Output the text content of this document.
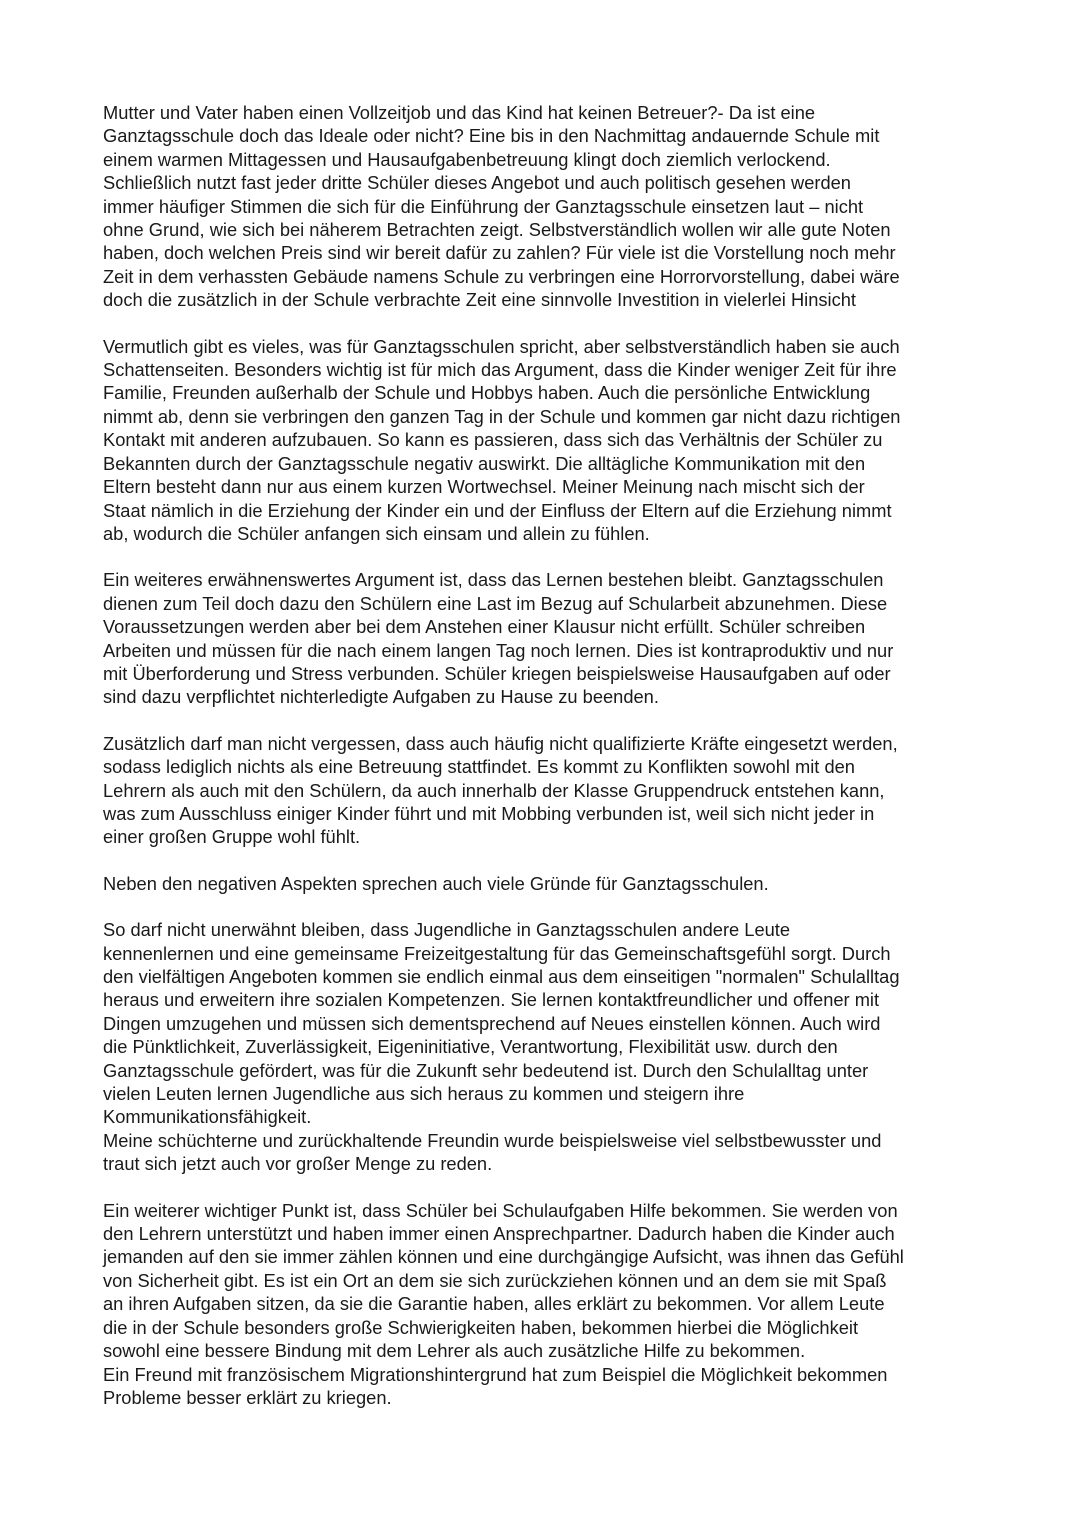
Mutter und Vater haben einen Vollzeitjob und das Kind hat keinen Betreuer?- Da ist eine
Ganztagsschule doch das Ideale oder nicht? Eine bis in den Nachmittag andauernde Schule mit
einem warmen Mittagessen und Hausaufgabenbetreuung klingt doch ziemlich verlockend.
Schließlich nutzt fast jeder dritte Schüler dieses Angebot und auch politisch gesehen werden
immer häufiger Stimmen die sich für die Einführung der Ganztagsschule einsetzen laut – nicht
ohne Grund, wie sich bei näherem Betrachten zeigt. Selbstverständlich wollen wir alle gute Noten
haben, doch welchen Preis sind wir bereit dafür zu zahlen? Für viele ist die Vorstellung noch mehr
Zeit in dem verhassten Gebäude namens Schule zu verbringen eine Horrorvorstellung, dabei wäre
doch die zusätzlich in der Schule verbrachte Zeit eine sinnvolle Investition in vielerlei Hinsicht

Vermutlich gibt es vieles, was für Ganztagsschulen spricht, aber selbstverständlich haben sie auch
Schattenseiten. Besonders wichtig ist für mich das Argument, dass die Kinder weniger Zeit für ihre
Familie, Freunden außerhalb der Schule und Hobbys haben. Auch die persönliche Entwicklung
nimmt ab, denn sie verbringen den ganzen Tag in der Schule und kommen gar nicht dazu richtigen
Kontakt mit anderen aufzubauen. So kann es passieren, dass sich das Verhältnis der Schüler zu
Bekannten durch der Ganztagsschule negativ auswirkt. Die alltägliche Kommunikation mit den
Eltern besteht dann nur aus einem kurzen Wortwechsel. Meiner Meinung nach mischt sich der
Staat nämlich in die Erziehung der Kinder ein und der Einfluss der Eltern auf die Erziehung nimmt
ab, wodurch die Schüler anfangen sich einsam und allein zu fühlen.

Ein weiteres erwähnenswertes Argument ist, dass das Lernen bestehen bleibt. Ganztagsschulen
dienen zum Teil doch dazu den Schülern eine Last im Bezug auf Schularbeit abzunehmen. Diese
Voraussetzungen werden aber bei dem Anstehen einer Klausur nicht erfüllt. Schüler schreiben
Arbeiten und müssen für die nach einem langen Tag noch lernen. Dies ist kontraproduktiv und nur
mit Überforderung und Stress verbunden. Schüler kriegen beispielsweise Hausaufgaben auf oder
sind dazu verpflichtet nichterledigte Aufgaben zu Hause zu beenden.

Zusätzlich darf man nicht vergessen, dass auch häufig nicht qualifizierte Kräfte eingesetzt werden,
sodass lediglich nichts als eine Betreuung stattfindet. Es kommt zu Konflikten sowohl mit den
Lehrern als auch mit den Schülern, da auch innerhalb der Klasse Gruppendruck entstehen kann,
was zum Ausschluss einiger Kinder führt und mit Mobbing verbunden ist, weil sich nicht jeder in
einer großen Gruppe wohl fühlt.

Neben den negativen Aspekten sprechen auch viele Gründe für Ganztagsschulen.

So darf nicht unerwähnt bleiben, dass Jugendliche in Ganztagsschulen andere Leute
kennenlernen und eine gemeinsame Freizeitgestaltung für das Gemeinschaftsgefühl sorgt. Durch
den vielfältigen Angeboten kommen sie endlich einmal aus dem einseitigen "normalen" Schulalltag
heraus und erweitern ihre sozialen Kompetenzen. Sie lernen kontaktfreundlicher und offener mit
Dingen umzugehen und müssen sich dementsprechend auf Neues einstellen können. Auch wird
die Pünktlichkeit, Zuverlässigkeit, Eigeninitiative, Verantwortung, Flexibilität usw. durch den
Ganztagsschule gefördert, was für die Zukunft sehr bedeutend ist. Durch den Schulalltag unter
vielen Leuten lernen Jugendliche aus sich heraus zu kommen und steigern ihre
Kommunikationsfähigkeit.
Meine schüchterne und zurückhaltende Freundin wurde beispielsweise viel selbstbewusster und
traut sich jetzt auch vor großer Menge zu reden.

Ein weiterer wichtiger Punkt ist, dass Schüler bei Schulaufgaben Hilfe bekommen. Sie werden von
den Lehrern unterstützt und haben immer einen Ansprechpartner. Dadurch haben die Kinder auch
jemanden auf den sie immer zählen können und eine durchgängige Aufsicht, was ihnen das Gefühl
von Sicherheit gibt. Es ist ein Ort an dem sie sich zurückziehen können und an dem sie mit Spaß
an ihren Aufgaben sitzen, da sie die Garantie haben, alles erklärt zu bekommen. Vor allem Leute
die in der Schule besonders große Schwierigkeiten haben, bekommen hierbei die Möglichkeit
sowohl eine bessere Bindung mit dem Lehrer als auch zusätzliche Hilfe zu bekommen.
Ein Freund mit französischem Migrationshintergrund hat zum Beispiel die Möglichkeit bekommen
Probleme besser erklärt zu kriegen.
